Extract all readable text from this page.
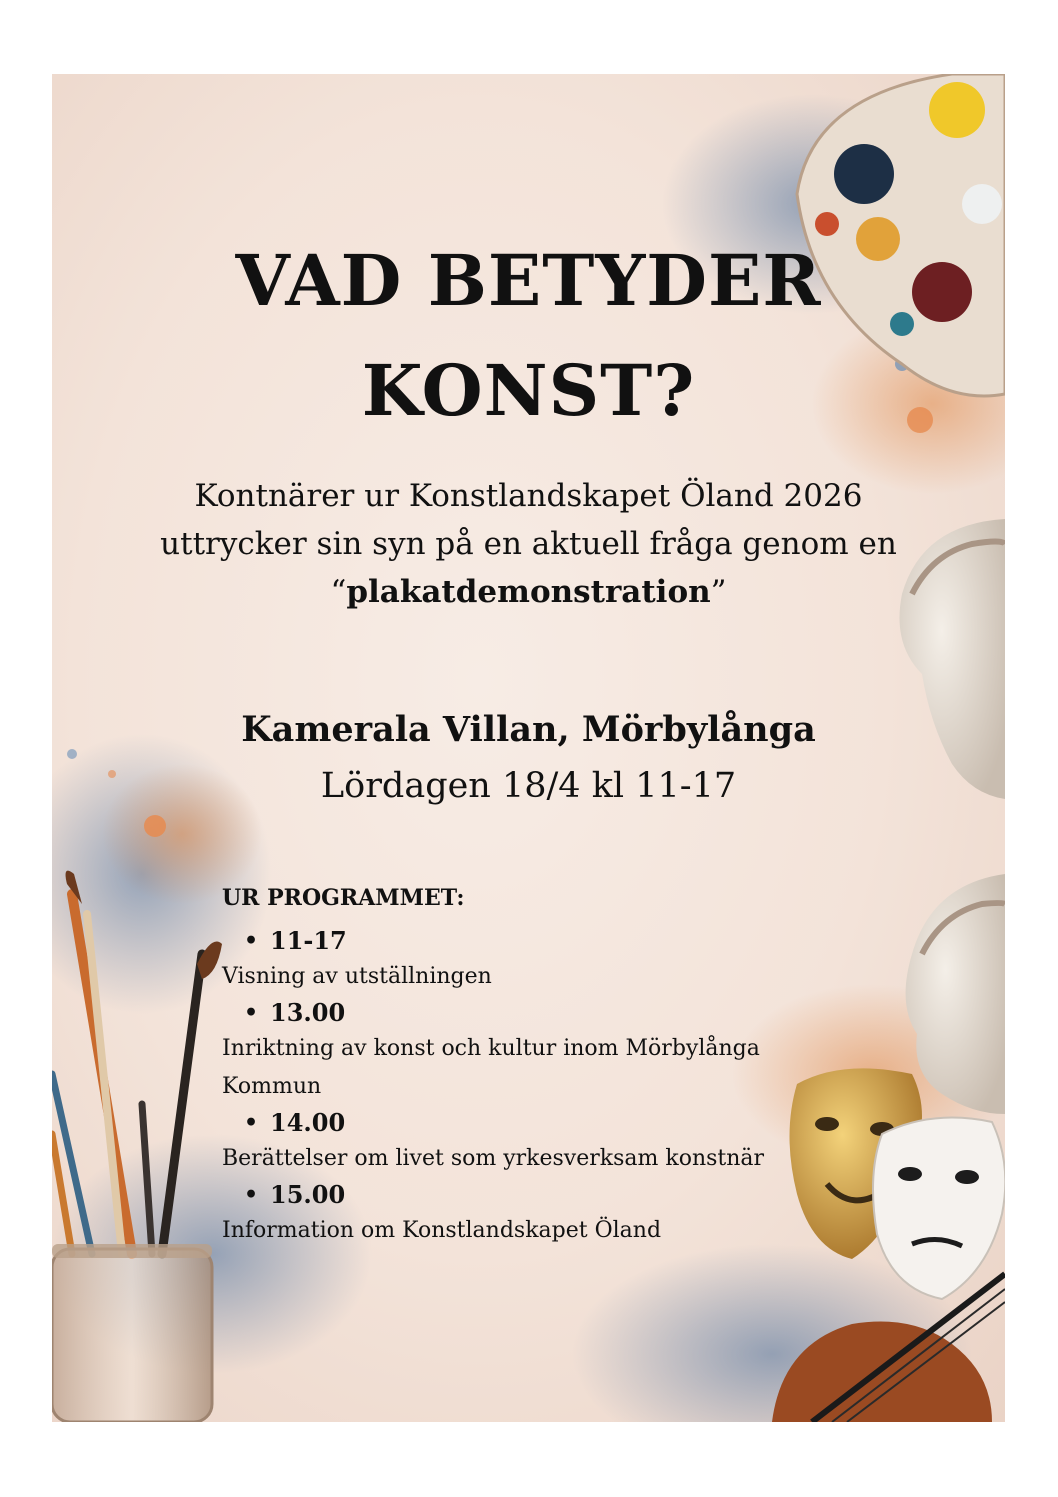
VAD BETYDER
KONST?
Kontnärer ur Konstlandskapet Öland 2026
uttrycker sin syn på en aktuell fråga genom en
“plakatdemonstration”
Kamerala Villan, Mörbylånga
Lördagen 18/4 kl 11-17
UR PROGRAMMET:
• 11-17
Visning av utställningen
• 13.00
Inriktning av konst och kultur inom Mörbylånga Kommun
• 14.00
Berättelser om livet som yrkesverksam konstnär
• 15.00
Information om Konstlandskapet Öland
